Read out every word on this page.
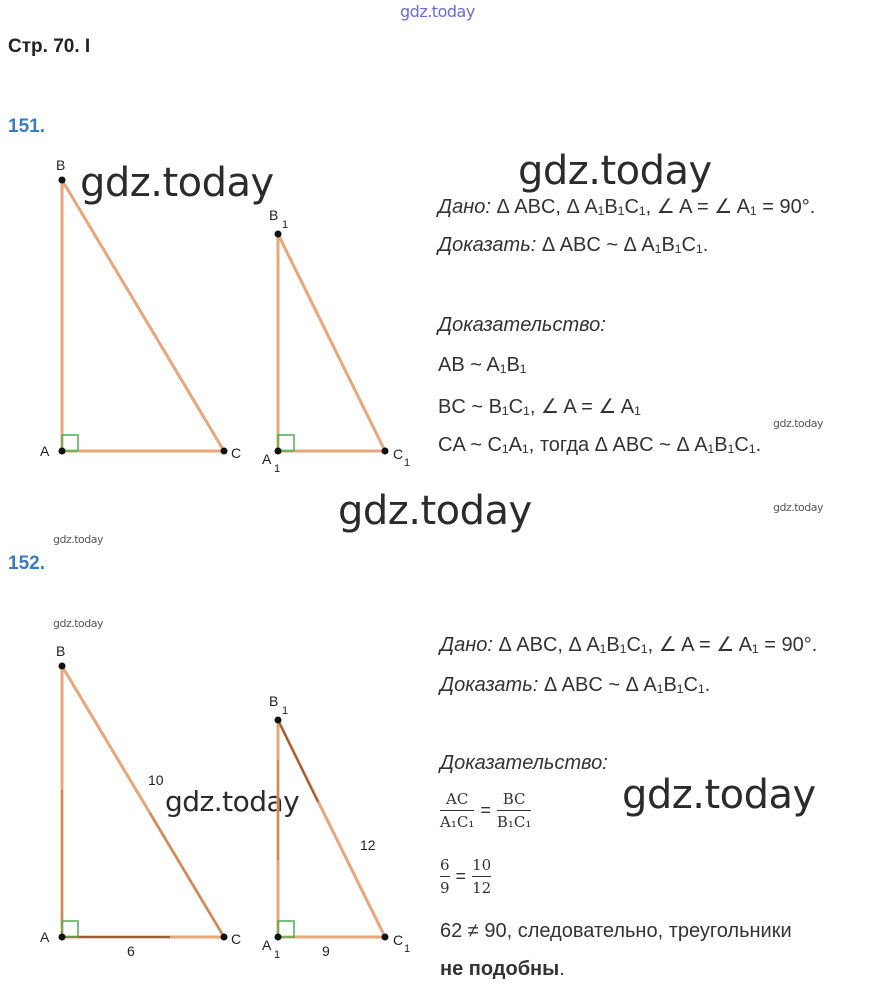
gdz.today
gdz.today	gdz.today
gdz.today
gdz.today
gdz.today
gdz.today
gdz.today
gdz.today
gdz.today
Стр. 70. I
151.
B
A	C
B
1
A
1
C
1
Дано: Δ ABC, Δ A₁B₁C₁, ∠ A = ∠ A₁ = 90°.
Доказать: Δ ABC ~ Δ A₁B₁C₁.
Доказательство:
AB ~ A₁B₁
BC ~ B₁C₁, ∠ A = ∠ A₁
CA ~ C₁A₁, тогда Δ ABC ~ Δ A₁B₁C₁.
152.
B
A	C
10
6
B
1
A
1
C
1
12
9
Дано: Δ ABC, Δ A₁B₁C₁, ∠ A = ∠ A₁ = 90°.
Доказать: Δ ABC ~ Δ A₁B₁C₁.
Доказательство:
$\frac{AC}{\text{A₁C₁}} = \frac{BC}{\text{B₁C₁}}$
$\frac{6}{9} = \frac{10}{12}$
62 ≠ 90, следовательно, треугольники
не подобны.
